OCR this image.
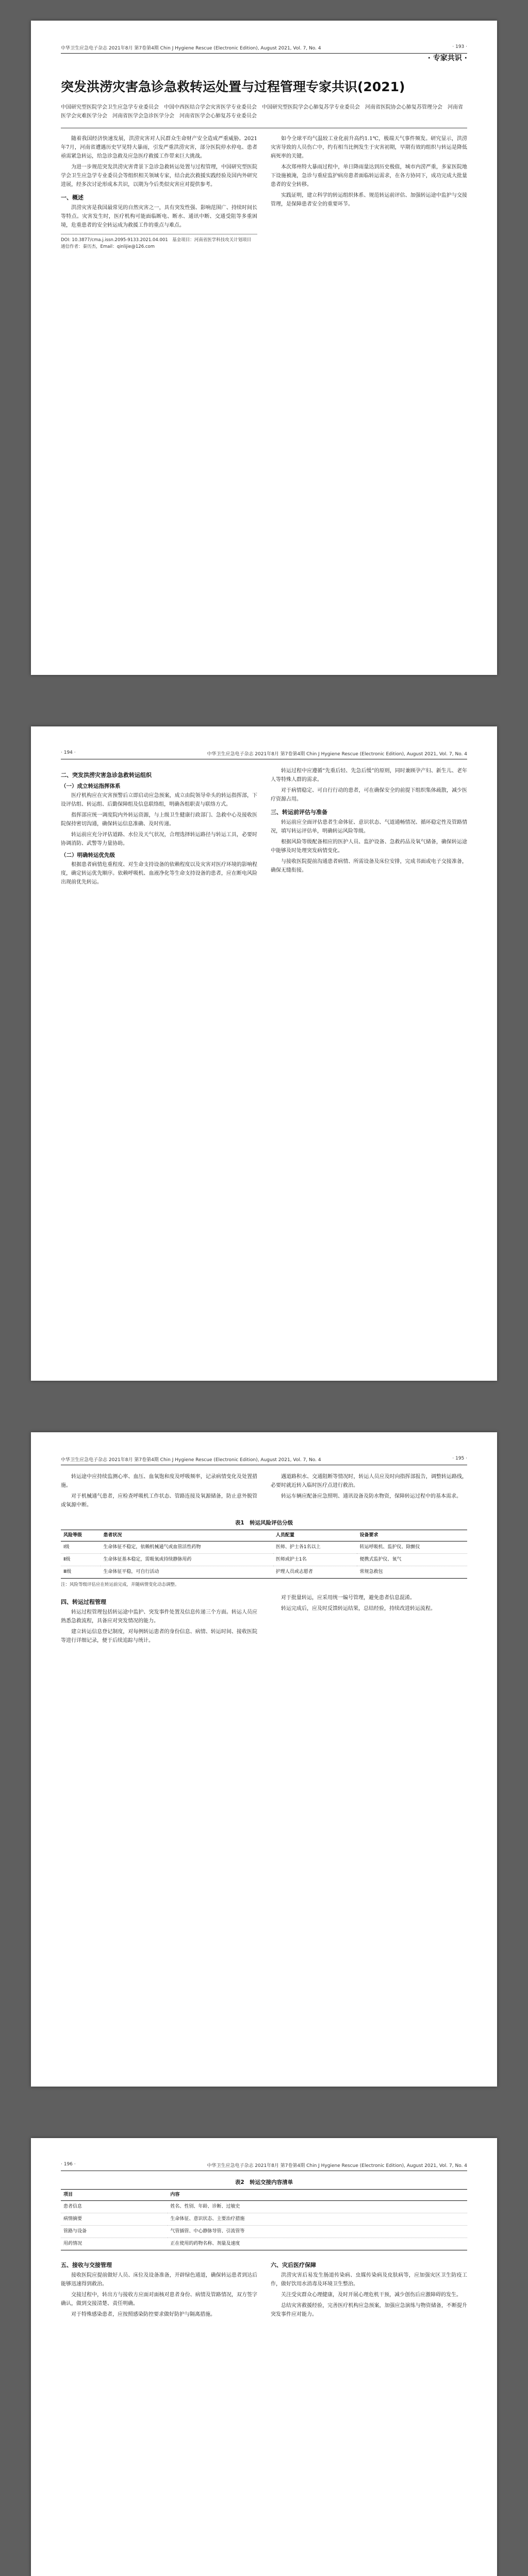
中华卫生应急电子杂志 2021年8月 第7卷第4期 Chin J Hygiene Rescue (Electronic Edition), August 2021, Vol. 7, No. 4	· 193 ·
· 专家共识 ·
突发洪涝灾害急诊急救转运处置与过程管理专家共识(2021)
中国研究型医院学会卫生应急学专业委员会　中国中西医结合学会灾害医学专业委员会　中国研究型医院学会心肺复苏学专业委员会　河南省医院协会心肺复苏管理分会　河南省医学会灾难医学分会　河南省医学会急诊医学分会　河南省医学会心肺复苏专业委员会

随着我国经济快速发展，洪涝灾害对人民群众生命财产安全造成严重威胁。2021年7月，河南省遭遇历史罕见特大暴雨，引发严重洪涝灾害，部分医院停水停电、患者亟需紧急转运，给急诊急救及应急医疗救援工作带来巨大挑战。

为进一步规范突发洪涝灾害背景下急诊急救转运处置与过程管理，中国研究型医院学会卫生应急学专业委员会等组织相关领域专家，结合此次救援实践经验及国内外研究进展，经多次讨论形成本共识，以期为今后类似灾害应对提供参考。

一、概述

洪涝灾害是我国最常见的自然灾害之一，具有突发性强、影响范围广、持续时间长等特点。灾害发生时，医疗机构可能面临断电、断水、通讯中断、交通受阻等多重困境，危重患者的安全转运成为救援工作的重点与难点。

DOI: 10.3877/cma.j.issn.2095-9133.2021.04.001　基金项目：河南省医学科技攻关计划项目　通信作者：秦历杰，Email：qinlijie@126.com

如今全球平均气温较工业化前升高约1.1℃，极端天气事件频发。研究显示，洪涝灾害导致的人员伤亡中，约有相当比例发生于灾害初期，早期有效的组织与转运是降低病死率的关键。

本次郑州特大暴雨过程中，单日降雨量达到历史极值，城市内涝严重，多家医院地下设施被淹，急诊与重症监护病房患者面临转运需求，在各方协同下，成功完成大批量患者的安全转移。

实践证明，建立科学的转运组织体系、规范转运前评估、加强转运途中监护与交接管理，是保障患者安全的重要环节。

· 194 ·	中华卫生应急电子杂志 2021年8月 第7卷第4期 Chin J Hygiene Rescue (Electronic Edition), August 2021, Vol. 7, No. 4
二、突发洪涝灾害急诊急救转运组织
（一）成立转运指挥体系

医疗机构应在灾害预警后立即启动应急预案，成立由院领导牵头的转运指挥部，下设评估组、转运组、后勤保障组及信息联络组，明确各组职责与联络方式。

指挥部应统一调度院内外转运资源，与上级卫生健康行政部门、急救中心及接收医院保持密切沟通，确保转运信息准确、及时传递。

转运前应充分评估道路、水位及天气状况，合理选择转运路径与转运工具，必要时协调消防、武警等力量协助。

（二）明确转运优先级

根据患者病情危重程度、对生命支持设备的依赖程度以及灾害对医疗环境的影响程度，确定转运优先顺序。依赖呼吸机、血液净化等生命支持设备的患者，应在断电风险出现前优先转运。

转运过程中应遵循“先重后轻、先急后缓”的原则，同时兼顾孕产妇、新生儿、老年人等特殊人群的需求。

对于病情稳定、可自行行动的患者，可在确保安全的前提下组织集体疏散，减少医疗资源占用。

三、转运前评估与准备

转运前应全面评估患者生命体征、意识状态、气道通畅情况、循环稳定性及管路情况，填写转运评估单，明确转运风险等级。

根据风险等级配备相应的医护人员、监护设备、急救药品及氧气储备，确保转运途中能够及时处理突发病情变化。

与接收医院提前沟通患者病情、所需设备及床位安排，完成书面或电子交接准备，确保无缝衔接。

中华卫生应急电子杂志 2021年8月 第7卷第4期 Chin J Hygiene Rescue (Electronic Edition), August 2021, Vol. 7, No. 4	· 195 ·

转运途中应持续监测心率、血压、血氧饱和度及呼吸频率，记录病情变化及处置措施。

对于机械通气患者，应检查呼吸机工作状态、管路连接及氧源储备，防止意外脱管或氧源中断。

遇道路积水、交通阻断等情况时，转运人员应及时向指挥部报告，调整转运路线，必要时就近转入临时医疗点进行救治。

转运车辆应配备应急照明、通讯设备及防水物资，保障转运过程中的基本需求。

表1　转运风险评估分级
风险等级	患者状况	人员配置	设备要求
Ⅰ级	生命体征不稳定，依赖机械通气或血管活性药物	医师、护士各1名以上	转运呼吸机、监护仪、除颤仪
Ⅱ级	生命体征基本稳定，需吸氧或持续静脉用药	医师或护士1名	便携式监护仪、氧气
Ⅲ级	生命体征平稳，可自行活动	护理人员或志愿者	常规急救包
注：风险等级评估应在转运前完成，并随病情变化动态调整。
四、转运过程管理

转运过程管理包括转运途中监护、突发事件处置及信息传递三个方面。转运人员应熟悉急救流程，具备应对突发情况的能力。

建立转运信息登记制度，对每例转运患者的身份信息、病情、转运时间、接收医院等进行详细记录，便于后续追踪与统计。

对于批量转运，应采用统一编号管理，避免患者信息混淆。

转运完成后，应及时反馈转运结果，总结经验，持续改进转运流程。

· 196 ·	中华卫生应急电子杂志 2021年8月 第7卷第4期 Chin J Hygiene Rescue (Electronic Edition), August 2021, Vol. 7, No. 4
表2　转运交接内容清单
项目	内容
患者信息	姓名、性别、年龄、诊断、过敏史
病情摘要	生命体征、意识状态、主要治疗措施
管路与设备	气管插管、中心静脉导管、引流管等
用药情况	正在使用的药物名称、剂量及速度
五、接收与交接管理

接收医院应提前做好人员、床位及设备准备，开辟绿色通道，确保转运患者到达后能够迅速得到救治。

交接过程中，转出方与接收方应面对面核对患者身份、病情及管路情况，双方签字确认，做到交接清楚、责任明确。

对于特殊感染患者，应按照感染防控要求做好防护与隔离措施。

六、灾后医疗保障

洪涝灾害后易发生肠道传染病、虫媒传染病及皮肤病等，应加强灾区卫生防疫工作，做好饮用水消毒及环境卫生整治。

关注受灾群众心理健康，及时开展心理危机干预，减少创伤后应激障碍的发生。

总结灾害救援经验，完善医疗机构应急预案，加强应急演练与物资储备，不断提升突发事件应对能力。
